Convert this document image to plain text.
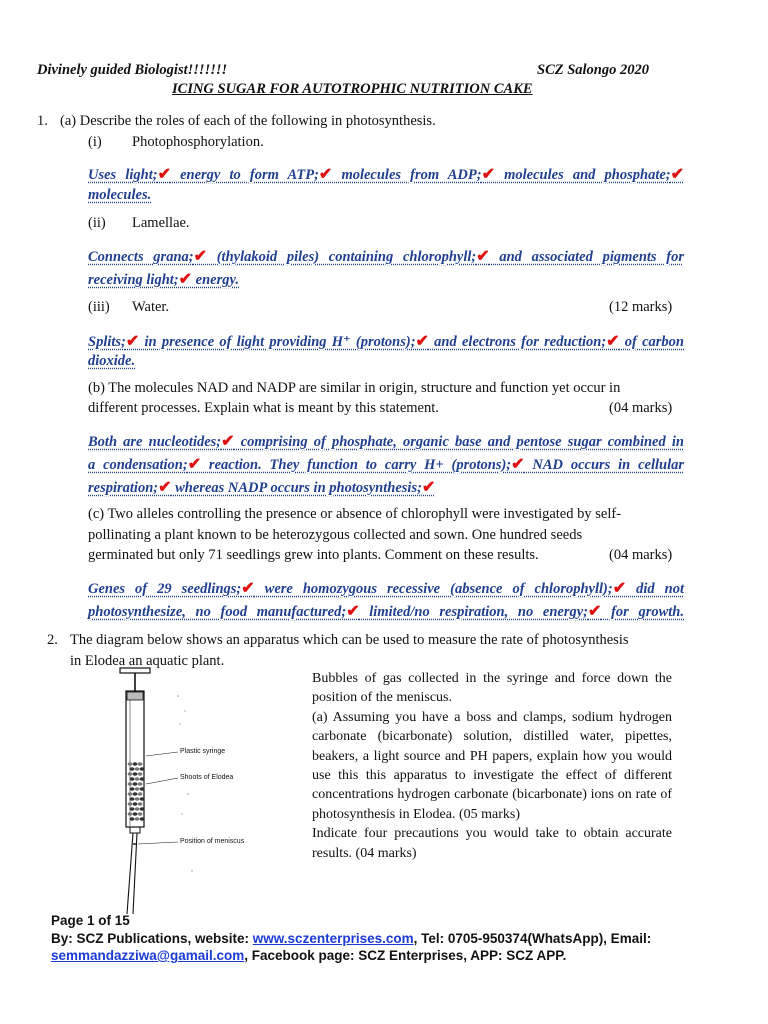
Divinely guided Biologist!!!!!!!	SCZ Salongo 2020
ICING SUGAR FOR AUTOTROPHIC NUTRITION CAKE
1. (a) Describe the roles of each of the following in photosynthesis.
(i) Photophosphorylation.
Uses light;✔ energy to form ATP;✔ molecules from ADP;✔ molecules and phosphate;✔
molecules.
(ii) Lamellae.
Connects grana;✔ (thylakoid piles) containing chlorophyll;✔ and associated pigments for
receiving light;✔ energy.
(iii) Water.	(12 marks)
Splits;✔ in presence of light providing H⁺ (protons);✔ and electrons for reduction;✔ of carbon
dioxide.
(b) The molecules NAD and NADP are similar in origin, structure and function yet occur in
different processes. Explain what is meant by this statement.	(04 marks)
Both are nucleotides;✔ comprising of phosphate, organic base and pentose sugar combined in
a condensation;✔ reaction. They function to carry H+ (protons);✔ NAD occurs in cellular
respiration;✔ whereas NADP occurs in photosynthesis;✔
(c) Two alleles controlling the presence or absence of chlorophyll were investigated by self-
pollinating a plant known to be heterozygous collected and sown. One hundred seeds
germinated but only 71 seedlings grew into plants. Comment on these results.	(04 marks)
Genes of 29 seedlings;✔ were homozygous recessive (absence of chlorophyll);✔ did not
photosynthesize, no food manufactured;✔ limited/no respiration, no energy;✔ for growth.
2. The diagram below shows an apparatus which can be used to measure the rate of photosynthesis
in Elodea an aquatic plant.
Plastic syringe
Shoots of Elodea
Position of meniscus
Bubbles of gas collected in the syringe and force down the position of the meniscus.
(a) Assuming you have a boss and clamps, sodium hydrogen carbonate (bicarbonate) solution, distilled water, pipettes, beakers, a light source and PH papers, explain how you would use this this apparatus to investigate the effect of different concentrations hydrogen carbonate (bicarbonate) ions on rate of photosynthesis in Elodea. (05 marks)
Indicate four precautions you would take to obtain accurate results. (04 marks)
Page 1 of 15
By: SCZ Publications, website: www.sczenterprises.com, Tel: 0705-950374(WhatsApp), Email:
semmandazziwa@gamail.com, Facebook page: SCZ Enterprises, APP: SCZ APP.
